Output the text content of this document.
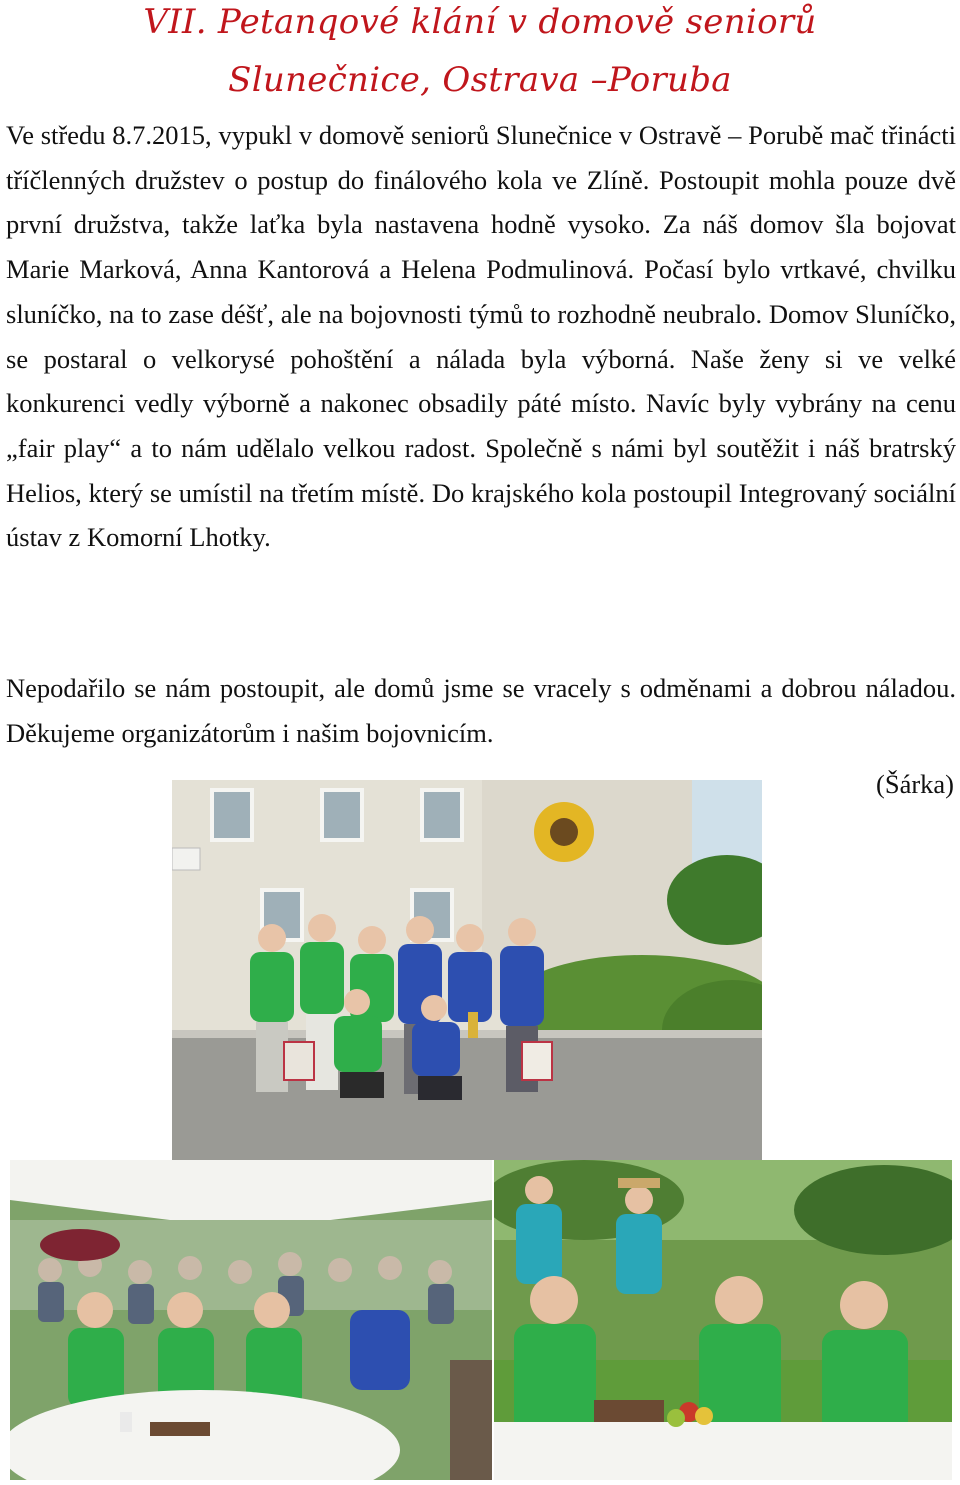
VII. Petanqové klání v domově seniorů
Slunečnice, Ostrava –Poruba

Ve středu 8.7.2015, vypukl v domově seniorů Slunečnice v Ostravě – Porubě mač třinácti tříčlenných družstev o postup do finálového kola ve Zlíně. Postoupit mohla pouze dvě první družstva, takže laťka byla nastavena hodně vysoko. Za náš domov šla bojovat Marie Marková, Anna Kantorová a Helena Podmulinová. Počasí bylo vrtkavé, chvilku sluníčko, na to zase déšť, ale na bojovnosti týmů to rozhodně neubralo. Domov Sluníčko, se postaral o velkorysé pohoštění a nálada byla výborná. Naše ženy si ve velké konkurenci vedly výborně a nakonec obsadily páté místo. Navíc byly vybrány na cenu „fair play“ a to nám udělalo velkou radost. Společně s námi byl soutěžit i náš bratrský Helios, který se umístil na třetím místě. Do krajského kola postoupil Integrovaný sociální ústav z Komorní Lhotky.

Nepodařilo se nám postoupit, ale domů jsme se vracely s odměnami a dobrou náladou. Děkujeme organizátorům i našim bojovnicím.

(Šárka)
